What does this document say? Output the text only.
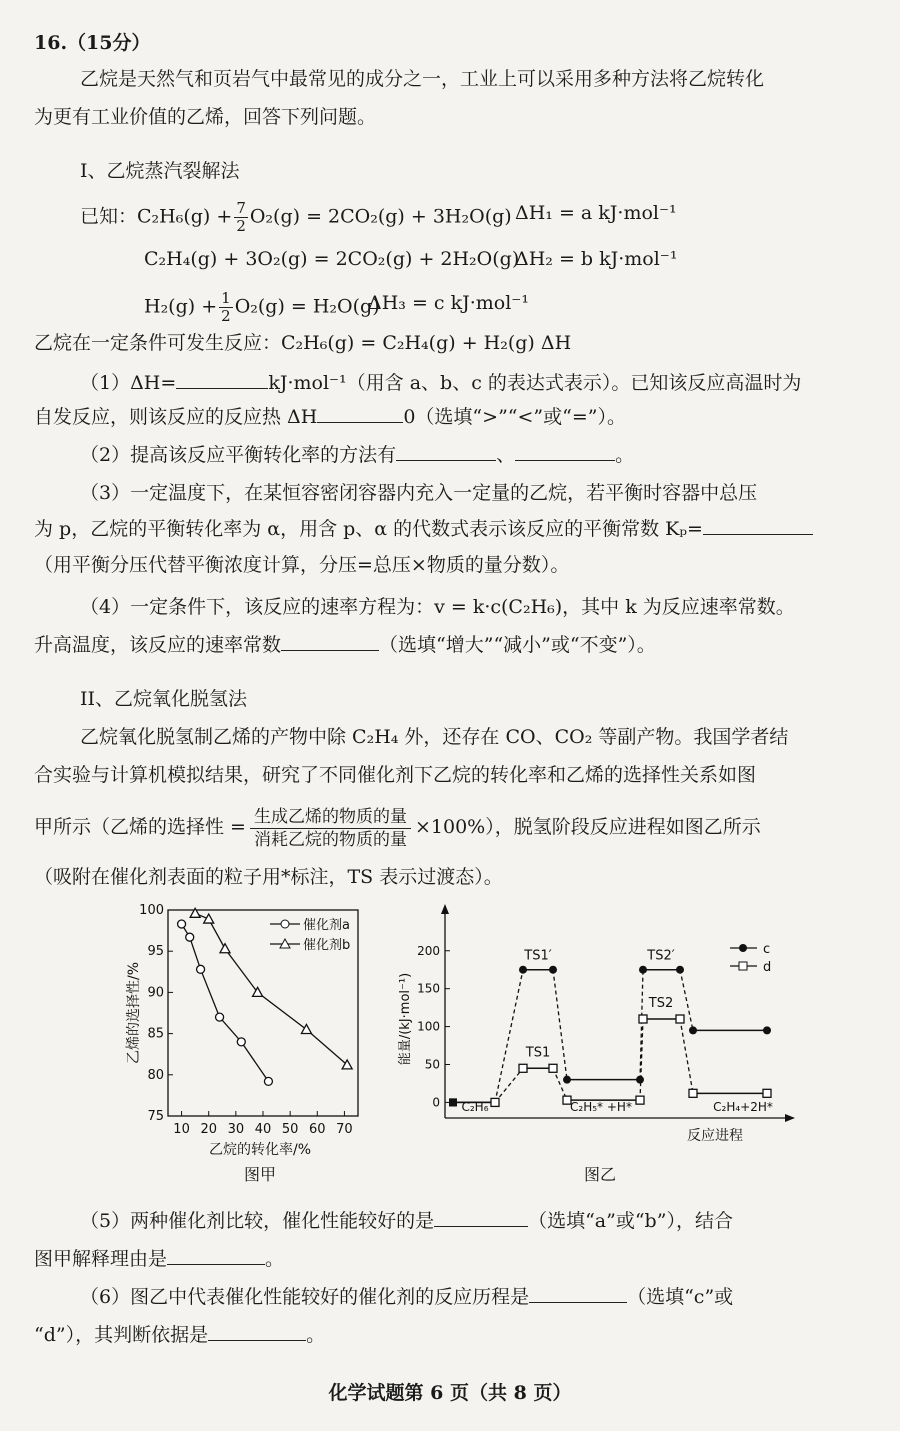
16.（15分）
乙烷是天然气和页岩气中最常见的成分之一，工业上可以采用多种方法将乙烷转化
为更有工业价值的乙烯，回答下列问题。
I、乙烷蒸汽裂解法
已知：$C_2H_6(g) + \frac{7}{2} O_2(g) = 2CO_2(g) + 3H_2O(g) \Delta H_1 = a$ kJ·mol⁻¹
C₂H₄(g) + 3O₂(g) = 2CO₂(g) + 2H₂O(g)
ΔH₂ = b kJ·mol⁻¹
$H_2(g) + \frac{1}{2} O_2(g) = H_2O(g)$
ΔH₃ = c kJ·mol⁻¹
乙烷在一定条件可发生反应：C₂H₆(g) = C₂H₄(g) + H₂(g) ΔH
（1）ΔH=	kJ·mol⁻¹（用含 a、b、c 的表达式表示）。已知该反应高温时为
自发反应，则该反应的反应热 ΔH	0（选填“>”“<”或“=”）。
（2）提高该反应平衡转化率的方法有	、	。
（3）一定温度下，在某恒容密闭容器内充入一定量的乙烷，若平衡时容器中总压
为 p，乙烷的平衡转化率为 α，用含 p、α 的代数式表示该反应的平衡常数 Kₚ=
（用平衡分压代替平衡浓度计算，分压=总压×物质的量分数）。
（4）一定条件下，该反应的速率方程为：v = k·c(C₂H₆)，其中 k 为反应速率常数。
升高温度，该反应的速率常数	（选填“增大”“减小”或“不变”）。
II、乙烷氧化脱氢法
乙烷氧化脱氢制乙烯的产物中除 C₂H₄ 外，还存在 CO、CO₂ 等副产物。我国学者结
合实验与计算机模拟结果，研究了不同催化剂下乙烷的转化率和乙烯的选择性关系如图
甲所示（乙烯的选择性 = 生成乙烯的物质的量
消耗乙烷的物质的量
×100%），脱氢阶段反应进程如图乙所示
（吸附在催化剂表面的粒子用*标注，TS 表示过渡态）。
10 20 30 40 50 60 70
75
80
85
90
95
100
乙烷的转化率/%
乙烯的选择性/%
催化剂a
催化剂b
图甲
0
50
100
150
200
能量/(kJ·mol⁻¹)
反应进程
TS1′
TS1
TS2′
TS2
C₂H₆	C₂H₅* +H*	C₂H₄+2H*
c
d
图乙
（5）两种催化剂比较，催化性能较好的是	（选填“a”或“b”），结合
图甲解释理由是	。
（6）图乙中代表催化性能较好的催化剂的反应历程是	（选填“c”或
“d”），其判断依据是	。
化学试题第 6 页（共 8 页）
